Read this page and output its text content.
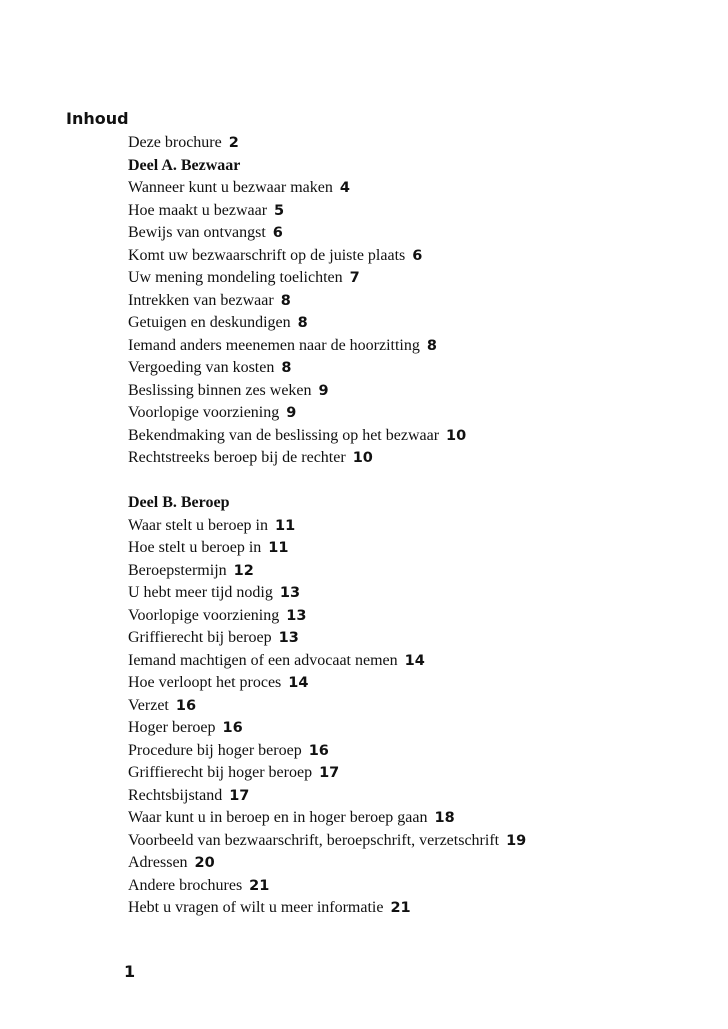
Inhoud
Deze brochure 2
Deel A. Bezwaar
Wanneer kunt u bezwaar maken 4
Hoe maakt u bezwaar 5
Bewijs van ontvangst 6
Komt uw bezwaarschrift op de juiste plaats 6
Uw mening mondeling toelichten 7
Intrekken van bezwaar 8
Getuigen en deskundigen 8
Iemand anders meenemen naar de hoorzitting 8
Vergoeding van kosten 8
Beslissing binnen zes weken 9
Voorlopige voorziening 9
Bekendmaking van de beslissing op het bezwaar 10
Rechtstreeks beroep bij de rechter 10
Deel B. Beroep
Waar stelt u beroep in 11
Hoe stelt u beroep in 11
Beroepstermijn 12
U hebt meer tijd nodig 13
Voorlopige voorziening 13
Griffierecht bij beroep 13
Iemand machtigen of een advocaat nemen 14
Hoe verloopt het proces 14
Verzet 16
Hoger beroep 16
Procedure bij hoger beroep 16
Griffierecht bij hoger beroep 17
Rechtsbijstand 17
Waar kunt u in beroep en in hoger beroep gaan 18
Voorbeeld van bezwaarschrift, beroepschrift, verzetschrift 19
Adressen 20
Andere brochures 21
Hebt u vragen of wilt u meer informatie 21
1
